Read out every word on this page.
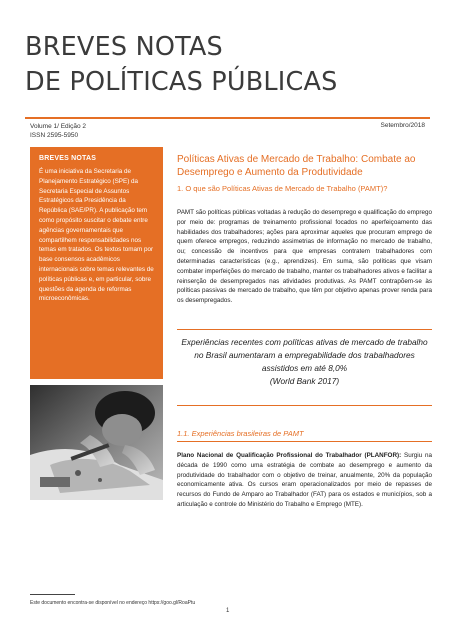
BREVES NOTAS
DE POLÍTICAS PÚBLICAS
Volume 1/ Edição 2
ISSN 2595-5950
Setembro/2018
BREVES NOTAS
É uma iniciativa da Secretaria de Planejamento Estratégico (SPE) da Secretaria Especial de Assuntos Estratégicos da Presidência da República (SAE/PR). A publicação tem como propósito suscitar o debate entre agências governamentais que compartilhem responsabilidades nos temas em tratados. Os textos tomam por base consensos acadêmicos internacionais sobre temas relevantes de políticas públicas e, em particular, sobre questões da agenda de reformas microeconômicas.
Políticas Ativas de Mercado de Trabalho: Combate ao Desemprego e Aumento da Produtividade
1. O que são Políticas Ativas de Mercado de Trabalho (PAMT)?
PAMT são políticas públicas voltadas à redução do desemprego e qualificação do emprego por meio de: programas de treinamento profissional focados no aperfeiçoamento das habilidades dos trabalhadores; ações para aproximar aqueles que procuram emprego de quem oferece empregos, reduzindo assimetrias de informação no mercado de trabalho, ou; concessão de incentivos para que empresas contratem trabalhadores com determinadas características (e.g., aprendizes). Em suma, são políticas que visam combater imperfeições do mercado de trabalho, manter os trabalhadores ativos e facilitar a reinserção de desempregados nas atividades produtivas. As PAMT contrapõem-se às políticas passivas de mercado de trabalho, que têm por objetivo apenas prover renda para os desempregados.
Experiências recentes com políticas ativas de mercado de trabalho no Brasil aumentaram a empregabilidade dos trabalhadores assistidos em até 8,0%
(World Bank 2017)
1.1. Experiências brasileiras de PAMT
Plano Nacional de Qualificação Profissional do Trabalhador (PLANFOR): Surgiu na década de 1990 como uma estratégia de combate ao desemprego e aumento da produtividade do trabalhador com o objetivo de treinar, anualmente, 20% da população economicamente ativa. Os cursos eram operacionalizados por meio de repasses de recursos do Fundo de Amparo ao Trabalhador (FAT) para os estados e municípios, sob a articulação e controle do Ministério do Trabalho e Emprego (MTE).
Este documento encontra-se disponível no endereço https://goo.gl/RoaPtu
1
